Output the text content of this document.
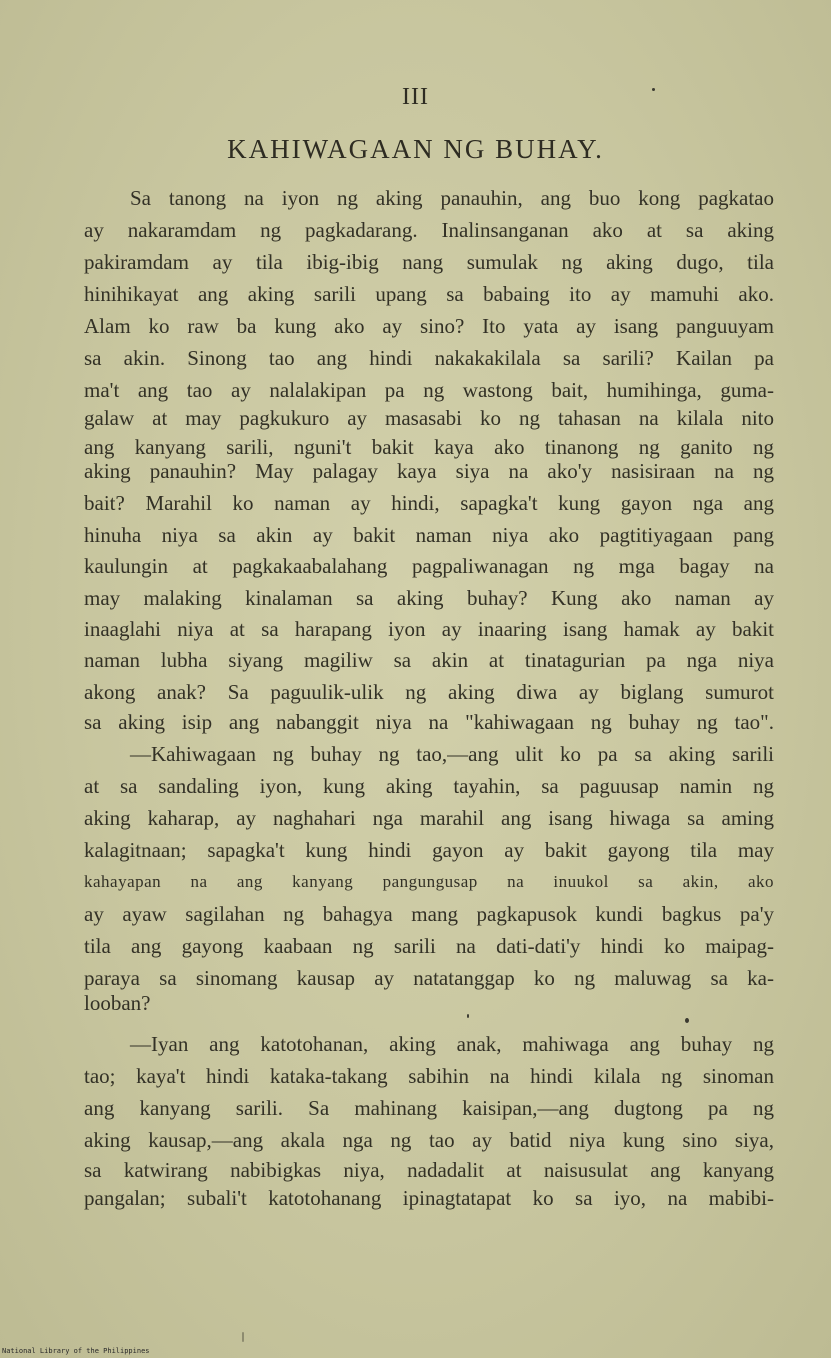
III
KAHIWAGAAN NG BUHAY.
Sa tanong na iyon ng aking panauhin, ang buo kong pagkatao
ay nakaramdam ng pagkadarang. Inalinsanganan ako at sa aking
pakiramdam ay tila ibig-ibig nang sumulak ng aking dugo, tila
hinihikayat ang aking sarili upang sa babaing ito ay mamuhi ako.
Alam ko raw ba kung ako ay sino? Ito yata ay isang panguuyam
sa akin. Sinong tao ang hindi nakakakilala sa sarili? Kailan pa
ma't ang tao ay nalalakipan pa ng wastong bait, humihinga, guma-
galaw at may pagkukuro ay masasabi ko ng tahasan na kilala nito
ang kanyang sarili, nguni't bakit kaya ako tinanong ng ganito ng
aking panauhin? May palagay kaya siya na ako'y nasisiraan na ng
bait? Marahil ko naman ay hindi, sapagka't kung gayon nga ang
hinuha niya sa akin ay bakit naman niya ako pagtitiyagaan pang
kaulungin at pagkakaabalahang pagpaliwanagan ng mga bagay na
may malaking kinalaman sa aking buhay? Kung ako naman ay
inaaglahi niya at sa harapang iyon ay inaaring isang hamak ay bakit
naman lubha siyang magiliw sa akin at tinatagurian pa nga niya
akong anak? Sa paguulik-ulik ng aking diwa ay biglang sumurot
sa aking isip ang nabanggit niya na "kahiwagaan ng buhay ng tao".
—Kahiwagaan ng buhay ng tao,—ang ulit ko pa sa aking sarili
at sa sandaling iyon, kung aking tayahin, sa paguusap namin ng
aking kaharap, ay naghahari nga marahil ang isang hiwaga sa aming
kalagitnaan; sapagka't kung hindi gayon ay bakit gayong tila may
kahayapan na ang kanyang pangungusap na inuukol sa akin, ako
ay ayaw sagilahan ng bahagya mang pagkapusok kundi bagkus pa'y
tila ang gayong kaabaan ng sarili na dati-dati'y hindi ko maipag-
paraya sa sinomang kausap ay natatanggap ko ng maluwag sa ka-
looban?
—Iyan ang katotohanan, aking anak, mahiwaga ang buhay ng
tao; kaya't hindi kataka-takang sabihin na hindi kilala ng sinoman
ang kanyang sarili. Sa mahinang kaisipan,—ang dugtong pa ng
aking kausap,—ang akala nga ng tao ay batid niya kung sino siya,
sa katwirang nabibigkas niya, nadadalit at naisusulat ang kanyang
pangalan; subali't katotohanang ipinagtatapat ko sa iyo, na mabibi-
National Library of the Philippines
